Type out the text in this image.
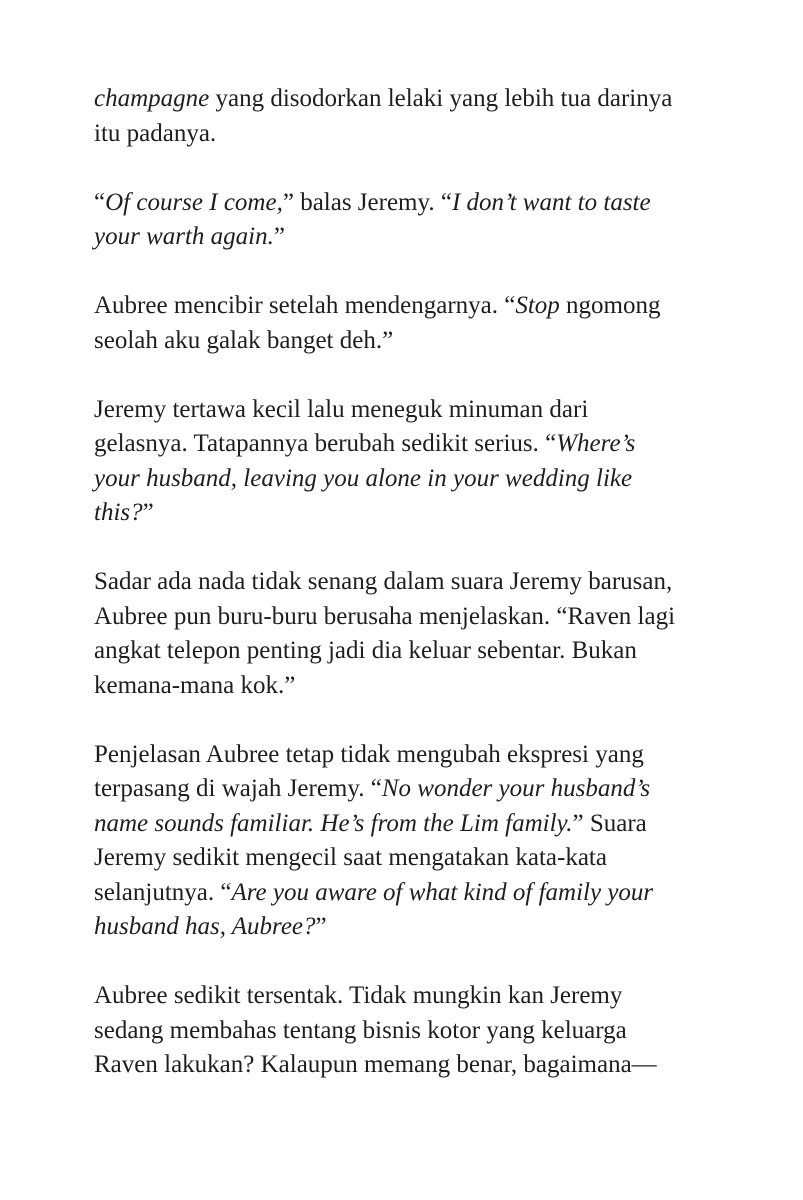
champagne yang disodorkan lelaki yang lebih tua darinya
itu padanya.

“Of course I come,” balas Jeremy. “I don’t want to taste
your warth again.”

Aubree mencibir setelah mendengarnya. “Stop ngomong
seolah aku galak banget deh.”

Jeremy tertawa kecil lalu meneguk minuman dari
gelasnya. Tatapannya berubah sedikit serius. “Where’s
your husband, leaving you alone in your wedding like
this?”

Sadar ada nada tidak senang dalam suara Jeremy barusan,
Aubree pun buru-buru berusaha menjelaskan. “Raven lagi
angkat telepon penting jadi dia keluar sebentar. Bukan
kemana-mana kok.”

Penjelasan Aubree tetap tidak mengubah ekspresi yang
terpasang di wajah Jeremy. “No wonder your husband’s
name sounds familiar. He’s from the Lim family.” Suara
Jeremy sedikit mengecil saat mengatakan kata-kata
selanjutnya. “Are you aware of what kind of family your
husband has, Aubree?”

Aubree sedikit tersentak. Tidak mungkin kan Jeremy
sedang membahas tentang bisnis kotor yang keluarga
Raven lakukan? Kalaupun memang benar, bagaimana—
